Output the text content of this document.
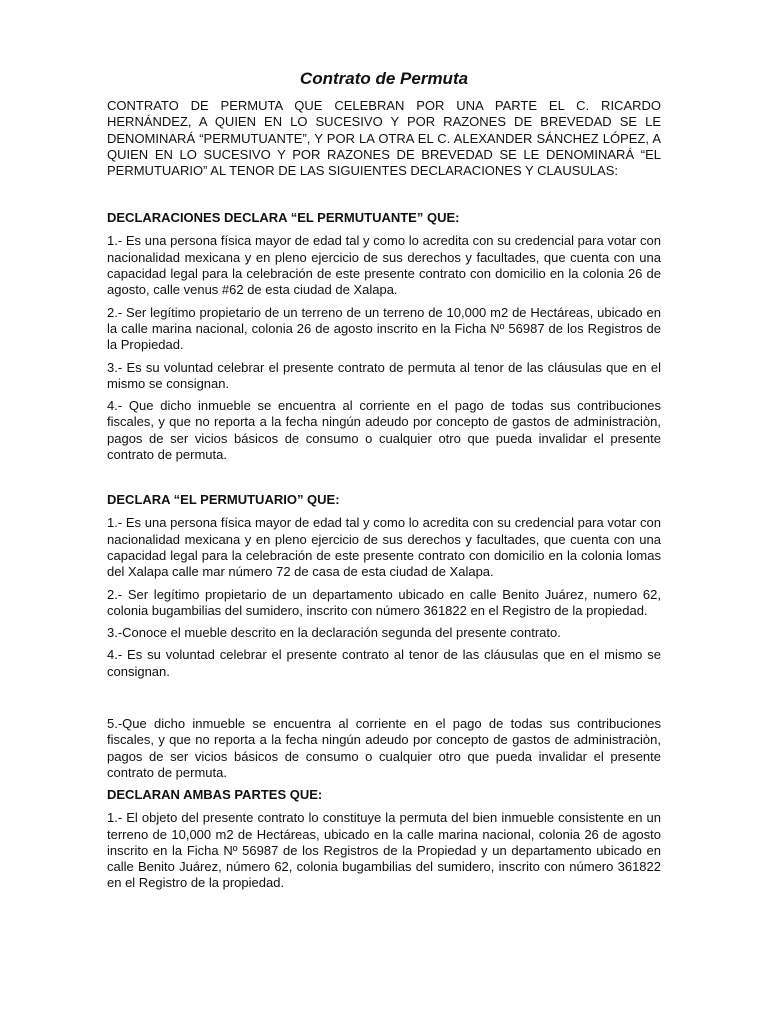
Contrato de Permuta

CONTRATO DE PERMUTA QUE CELEBRAN POR UNA PARTE EL C. RICARDO HERNÁNDEZ, A QUIEN EN LO SUCESIVO Y POR RAZONES DE BREVEDAD SE LE DENOMINARÁ “PERMUTUANTE”, Y POR LA OTRA EL C. ALEXANDER SÁNCHEZ LÓPEZ, A QUIEN EN LO SUCESIVO Y POR RAZONES DE BREVEDAD SE LE DENOMINARÁ “EL PERMUTUARIO” AL TENOR DE LAS SIGUIENTES DECLARACIONES Y CLAUSULAS:

DECLARACIONES DECLARA “EL PERMUTUANTE” QUE:

1.- Es una persona física mayor de edad tal y como lo acredita con su credencial para votar con nacionalidad mexicana y en pleno ejercicio de sus derechos y facultades, que cuenta con una capacidad legal para la celebración de este presente contrato con domicilio en la colonia 26 de agosto, calle venus #62 de esta ciudad de Xalapa.

2.- Ser legítimo propietario de un terreno de un terreno de 10,000 m2 de Hectáreas, ubicado en la calle marina nacional, colonia 26 de agosto inscrito en la Ficha Nº 56987 de los Registros de la Propiedad.

3.- Es su voluntad celebrar el presente contrato de permuta al tenor de las cláusulas que en el mismo se consignan.

4.- Que dicho inmueble se encuentra al corriente en el pago de todas sus contribuciones fiscales, y que no reporta a la fecha ningún adeudo por concepto de gastos de administraciòn, pagos de ser vicios básicos de consumo o cualquier otro que pueda invalidar el presente contrato de permuta.

DECLARA “EL PERMUTUARIO” QUE:

1.- Es una persona física mayor de edad tal y como lo acredita con su credencial para votar con nacionalidad mexicana y en pleno ejercicio de sus derechos y facultades, que cuenta con una capacidad legal para la celebración de este presente contrato con domicilio en la colonia lomas del Xalapa calle mar número 72 de casa de esta ciudad de Xalapa.

2.- Ser legítimo propietario de un departamento ubicado en calle Benito Juárez, numero 62, colonia bugambilias del sumidero, inscrito con número 361822 en el Registro de la propiedad.

3.-Conoce el mueble descrito en la declaración segunda del presente contrato.

4.- Es su voluntad celebrar el presente contrato al tenor de las cláusulas que en el mismo se consignan.

5.-Que dicho inmueble se encuentra al corriente en el pago de todas sus contribuciones fiscales, y que no reporta a la fecha ningún adeudo por concepto de gastos de administraciòn, pagos de ser vicios básicos de consumo o cualquier otro que pueda invalidar el presente contrato de permuta.

DECLARAN AMBAS PARTES QUE:

1.- El objeto del presente contrato lo constituye la permuta del bien inmueble consistente en un terreno de 10,000 m2 de Hectáreas, ubicado en la calle marina nacional, colonia 26 de agosto inscrito en la Ficha Nº 56987 de los Registros de la Propiedad y un departamento ubicado en calle Benito Juárez, número 62, colonia bugambilias del sumidero, inscrito con número 361822 en el Registro de la propiedad.
